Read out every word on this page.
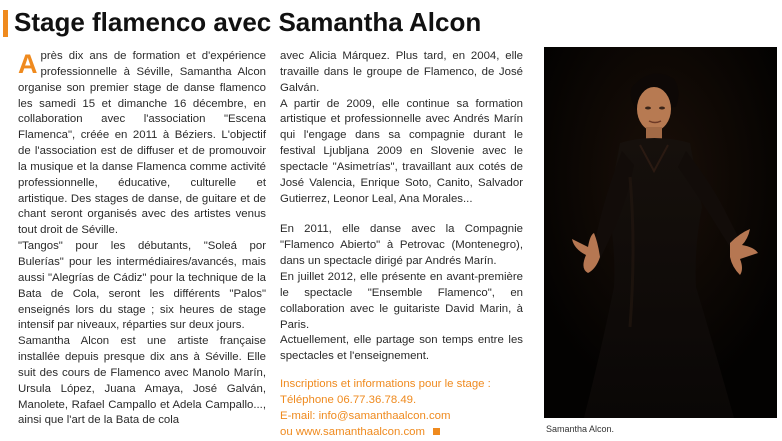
Stage flamenco avec Samantha Alcon

Après dix ans de formation et d'expérience professionnelle à Séville, Samantha Alcon organise son premier stage de danse flamenco les samedi 15 et dimanche 16 décembre, en collaboration avec l'association "Escena Flamenca", créée en 2011 à Béziers. L'objectif de l'association est de diffuser et de promouvoir la musique et la danse Flamenca comme activité professionnelle, éducative, culturelle et artistique. Des stages de danse, de guitare et de chant seront organisés avec des artistes venus tout droit de Séville.

"Tangos" pour les débutants, "Soleá por Bulerías" pour les intermédiaires/avancés, mais aussi "Alegrías de Cádiz" pour la technique de la Bata de Cola, seront les différents "Palos" enseignés lors du stage ; six heures de stage intensif par niveaux, réparties sur deux jours.

Samantha Alcon est une artiste française installée depuis presque dix ans à Séville. Elle suit des cours de Flamenco avec Manolo Marín, Ursula López, Juana Amaya, José Galván, Manolete, Rafael Campallo et Adela Campallo..., ainsi que l'art de la Bata de cola

avec Alicia Márquez. Plus tard, en 2004, elle travaille dans le groupe de Flamenco, de José Galván.

A partir de 2009, elle continue sa formation artistique et professionnelle avec Andrés Marín qui l'engage dans sa compagnie durant le festival Ljubljana 2009 en Slovenie avec le spectacle "Asimetrías", travaillant aux cotés de José Valencia, Enrique Soto, Canito, Salvador Gutierrez, Leonor Leal, Ana Morales...

En 2011, elle danse avec la Compagnie "Flamenco Abierto" à Petrovac (Montenegro), dans un spectacle dirigé par Andrés Marín.

En juillet 2012, elle présente en avant-première le spectacle "Ensemble Flamenco", en collaboration avec le guitariste David Marin, à Paris.

Actuellement, elle partage son temps entre les spectacles et l'enseignement.

Inscriptions et informations pour le stage :
Téléphone 06.77.36.78.49.
E-mail: info@samanthaalcon.com
ou www.samanthaalcon.com	Samantha Alcon.
